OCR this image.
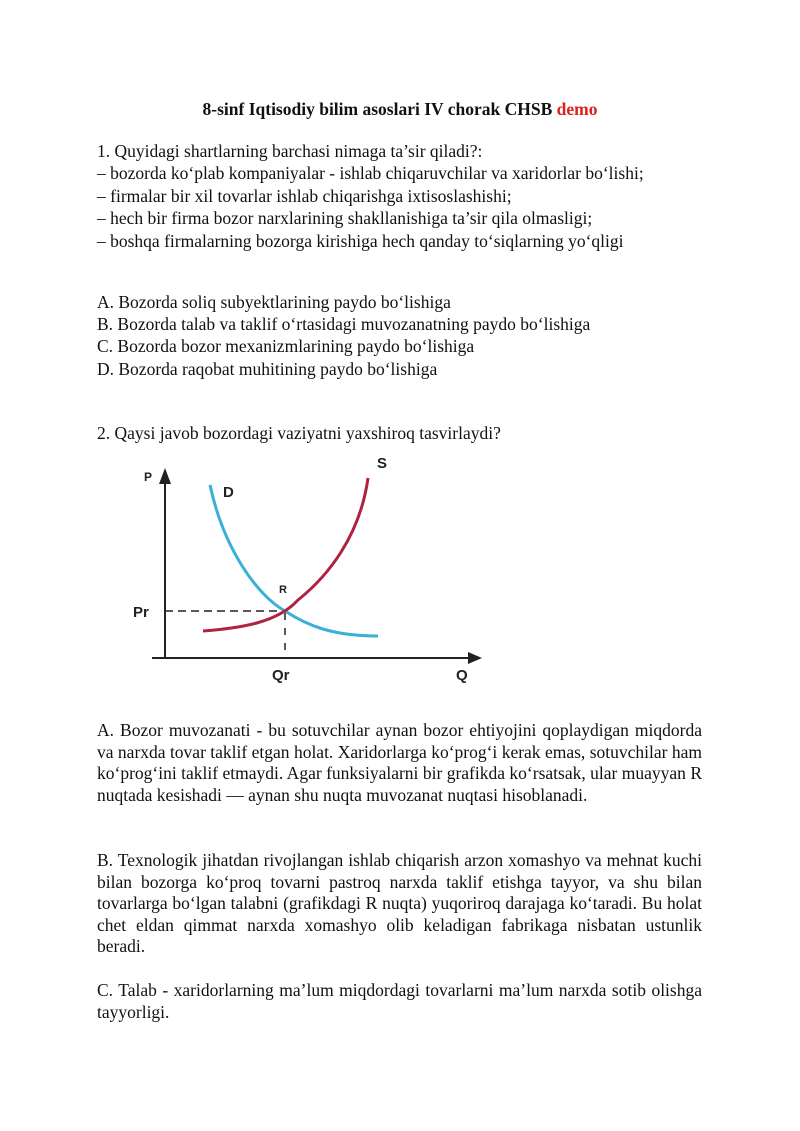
8-sinf Iqtisodiy bilim asoslari IV chorak CHSB demo
1. Quyidagi shartlarning barchasi nimaga ta’sir qiladi?:
– bozorda ko‘plab kompaniyalar - ishlab chiqaruvchilar va xaridorlar bo‘lishi;
– firmalar bir xil tovarlar ishlab chiqarishga ixtisoslashishi;
– hech bir firma bozor narxlarining shakllanishiga ta’sir qila olmasligi;
– boshqa firmalarning bozorga kirishiga hech qanday to‘siqlarning yo‘qligi
A. Bozorda soliq subyektlarining paydo bo‘lishiga
B. Bozorda talab va taklif o‘rtasidagi muvozanatning paydo bo‘lishiga
C. Bozorda bozor mexanizmlarining paydo bo‘lishiga
D. Bozorda raqobat muhitining paydo bo‘lishiga
2. Qaysi javob bozordagi vaziyatni yaxshiroq tasvirlaydi?
P
Q
D
S
R
Pr
Qr
A. Bozor muvozanati - bu sotuvchilar aynan bozor ehtiyojini qoplaydigan miqdorda va narxda tovar taklif etgan holat. Xaridorlarga ko‘prog‘i kerak emas, sotuvchilar ham ko‘prog‘ini taklif etmaydi. Agar funksiyalarni bir grafikda ko‘rsatsak, ular muayyan R nuqtada kesishadi — aynan shu nuqta muvozanat nuqtasi hisoblanadi.
B. Texnologik jihatdan rivojlangan ishlab chiqarish arzon xomashyo va mehnat kuchi bilan bozorga ko‘proq tovarni pastroq narxda taklif etishga tayyor, va shu bilan tovarlarga bo‘lgan talabni (grafikdagi R nuqta) yuqoriroq darajaga ko‘taradi. Bu holat chet eldan qimmat narxda xomashyo olib keladigan fabrikaga nisbatan ustunlik beradi.
C. Talab - xaridorlarning ma’lum miqdordagi tovarlarni ma’lum narxda sotib olishga tayyorligi.
